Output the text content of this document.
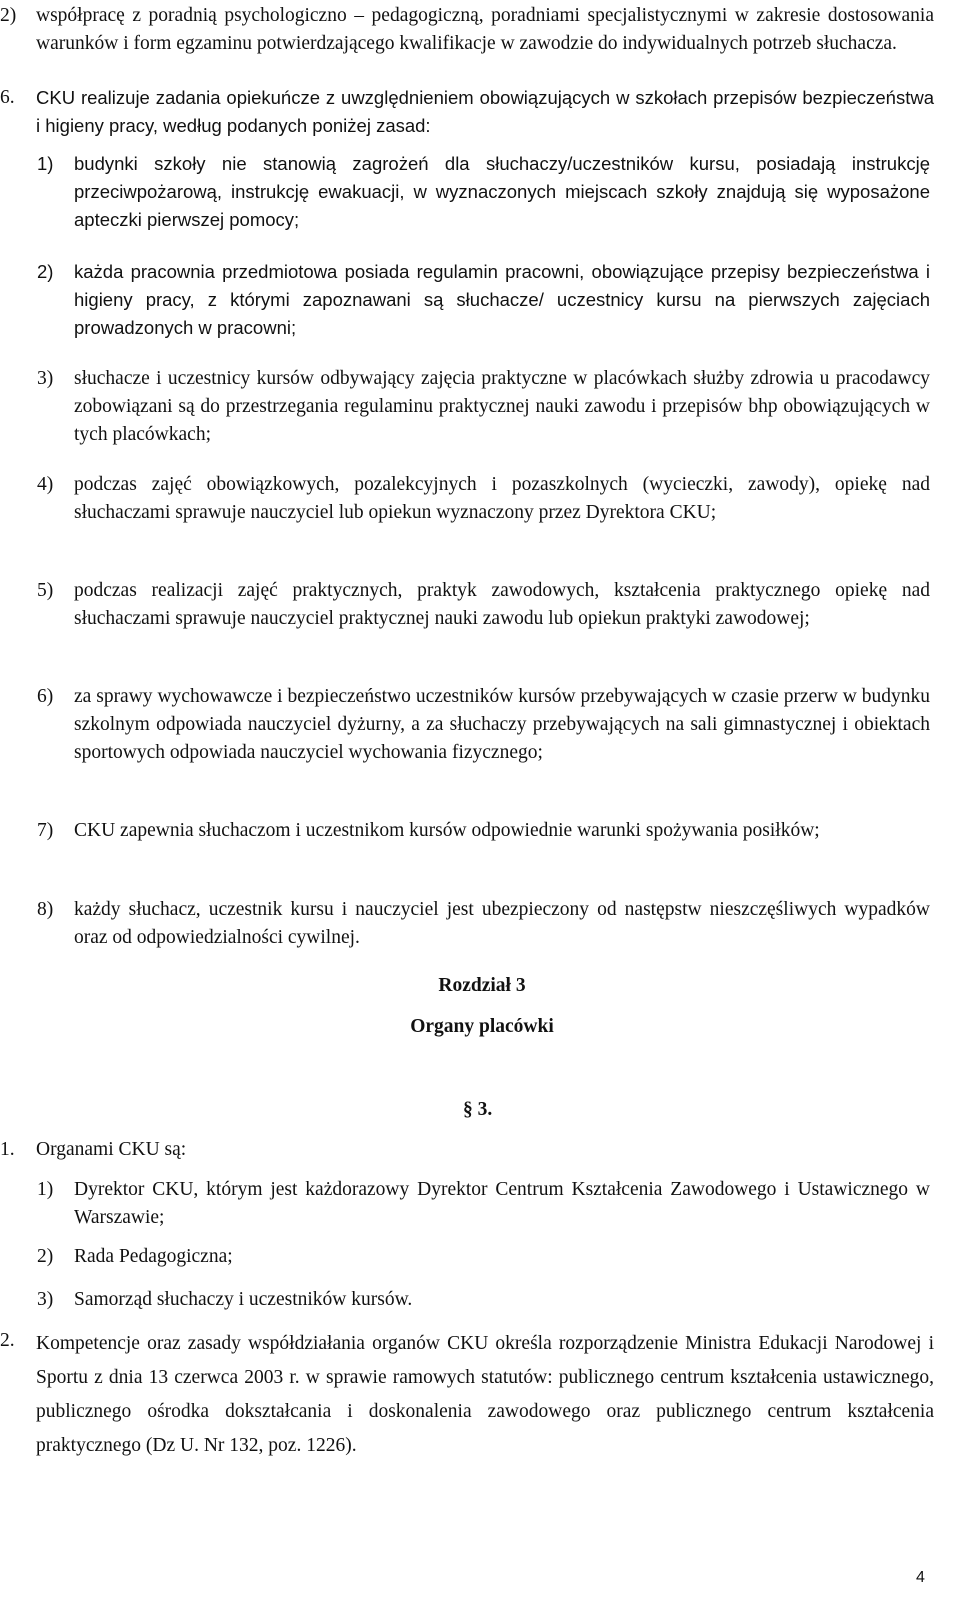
2) współpracę z poradnią psychologiczno – pedagogiczną, poradniami specjalistycznymi w zakresie dostosowania warunków i form egzaminu potwierdzającego kwalifikacje w zawodzie do indywidualnych potrzeb słuchacza.
6. CKU realizuje zadania opiekuńcze z uwzględnieniem obowiązujących w szkołach przepisów bezpieczeństwa i higieny pracy, według podanych poniżej zasad:
1) budynki szkoły nie stanowią zagrożeń dla słuchaczy/uczestników kursu, posiadają instrukcję przeciwpożarową, instrukcję ewakuacji, w wyznaczonych miejscach szkoły znajdują się wyposażone apteczki pierwszej pomocy;
2) każda pracownia przedmiotowa posiada regulamin pracowni, obowiązujące przepisy bezpieczeństwa i higieny pracy, z którymi zapoznawani są słuchacze/ uczestnicy kursu na pierwszych zajęciach prowadzonych w pracowni;
3) słuchacze i uczestnicy kursów odbywający zajęcia praktyczne w placówkach służby zdrowia u pracodawcy zobowiązani są do przestrzegania regulaminu praktycznej nauki zawodu i przepisów bhp obowiązujących w tych placówkach;
4) podczas zajęć obowiązkowych, pozalekcyjnych i pozaszkolnych (wycieczki, zawody), opiekę nad słuchaczami sprawuje nauczyciel lub opiekun wyznaczony przez Dyrektora CKU;
5) podczas realizacji zajęć praktycznych, praktyk zawodowych, kształcenia praktycznego opiekę nad słuchaczami sprawuje nauczyciel praktycznej nauki zawodu lub opiekun praktyki zawodowej;
6) za sprawy wychowawcze i bezpieczeństwo uczestników kursów przebywających w czasie przerw w budynku szkolnym odpowiada nauczyciel dyżurny, a za słuchaczy przebywających na sali gimnastycznej i obiektach sportowych odpowiada nauczyciel wychowania fizycznego;
7) CKU zapewnia słuchaczom i uczestnikom kursów odpowiednie warunki spożywania posiłków;
8) każdy słuchacz, uczestnik kursu i nauczyciel jest ubezpieczony od następstw nieszczęśliwych wypadków oraz od odpowiedzialności cywilnej.
Rozdział 3
Organy placówki
§ 3.
1. Organami CKU są:
1) Dyrektor CKU, którym jest każdorazowy Dyrektor Centrum Kształcenia Zawodowego i Ustawicznego w Warszawie;
2) Rada Pedagogiczna;
3) Samorząd słuchaczy i uczestników kursów.
2. Kompetencje oraz zasady współdziałania organów CKU określa rozporządzenie Ministra Edukacji Narodowej i Sportu z dnia 13 czerwca 2003 r. w sprawie ramowych statutów: publicznego centrum kształcenia ustawicznego, publicznego ośrodka dokształcania i doskonalenia zawodowego oraz publicznego centrum kształcenia praktycznego (Dz U. Nr 132, poz. 1226).
4
